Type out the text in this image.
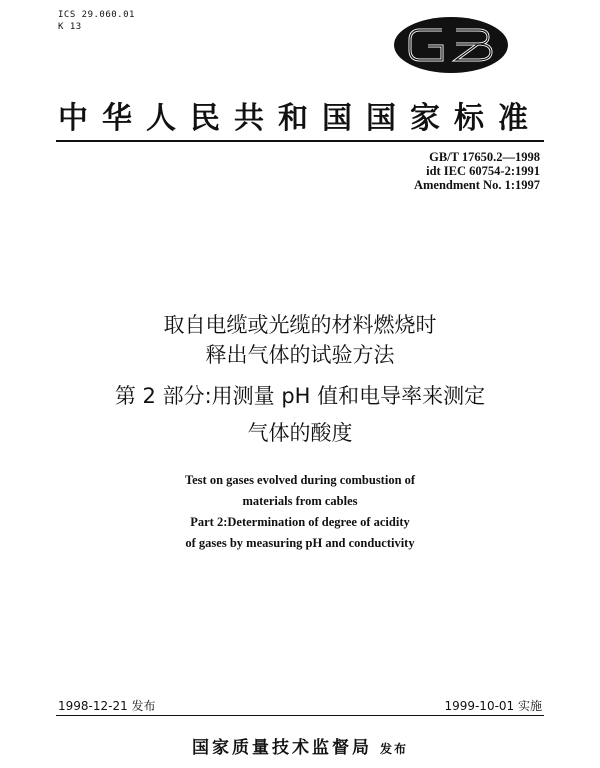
ICS 29.060.01
K 13
中华人民共和国国家标准
GB/T 17650.2—1998
idt IEC 60754-2:1991
Amendment No. 1:1997
取自电缆或光缆的材料燃烧时
释出气体的试验方法
第 2 部分:用测量 pH 值和电导率来测定
气体的酸度
Test on gases evolved during combustion of
materials from cables
Part 2:Determination of degree of acidity
of gases by measuring pH and conductivity
1998-12-21 发布	1999-10-01 实施
国家质量技术监督局 发布
